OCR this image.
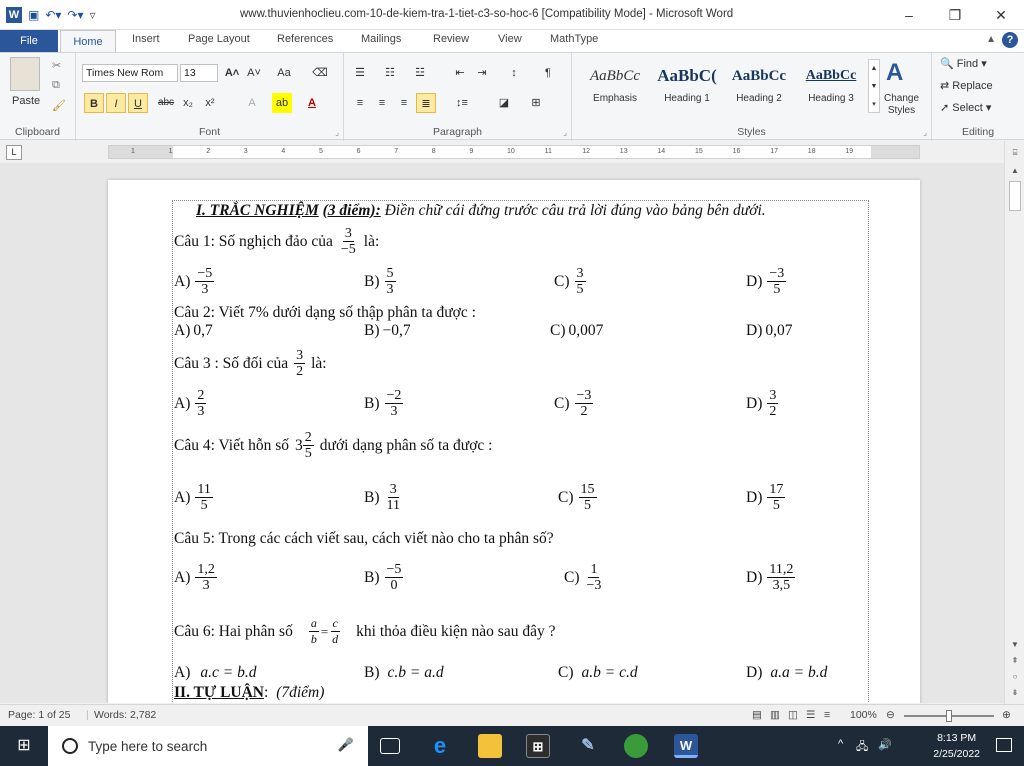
W ▣ ↶▾ ↷▾ ▿	www.thuvienhoclieu.com-10-de-kiem-tra-1-tiet-c3-so-hoc-6 [Compatibility Mode] - Microsoft Word	–	❐	✕
File	Home	Insert	Page Layout References	Mailings	Review	View	MathType	▲ ?
Paste
✂
⧉
🖌
Clipboard
Times New Rom	13	A˄ A˅ Aa ⌫
B	I	U	abc x₂	x²	A	ab	A
Font	⌟
☰	☷	☳	⇤	⇥	↕	¶
≡	≡	≡	≣	↕≡	◪	⊞
Paragraph	⌟
AaBbCc
Emphasis
AaBbC(
Heading 1
AaBbCc
Heading 2
AaBbCc
Heading 3
▲
▼
▾
A
Change
Styles
Styles	⌟
🔍 Find ▾
⇄ Replace
➚ Select ▾
Editing
L	1	1	2	3	4	5	6	7	8	9	10	11	12	13	14	15	16	17	18	19
I. TRẮC NGHIỆM (3 điểm): Điền chữ cái đứng trước câu trả lời đúng vào bảng bên dưới.
Câu 1: Số nghịch đảo của $\frac{3}{-5}$ là:
$A) \frac{-5}{3}$	$B) \frac{5}{3}$	$C) \frac{3}{5}$	$D) \frac{-3}{5}$
Câu 2: Viết 7% dưới dạng số thập phân ta được :
A) 0,7	B) −0,7	C) 0,007	D) 0,07
Câu 3 : Số đối của $\frac{3}{2}$ là:
$A) \frac{2}{3}$	$B) \frac{-2}{3}$	$C) \frac{-3}{2}$	$D) \frac{3}{2}$
Câu 4: Viết hỗn số $3 \frac{2}{5}$ dưới dạng phân số ta được :
$A) \frac{11}{5}$	$B) \frac{3}{11}$	$C) \frac{15}{5}$	$D) \frac{17}{5}$
Câu 5: Trong các cách viết sau, cách viết nào cho ta phân số?
$A) \frac{1,2}{3}$	$B) \frac{-5}{0}$	$C) \frac{1}{-3}$	$D) \frac{11,2}{3,5}$
Câu 6: Hai phân số $\frac{a}{b} = \frac{c}{d}$ khi thỏa điều kiện nào sau đây ?
A) a.c = b.d	B) c.b = a.d	C) a.b = c.d	D) a.a = b.d
II. TỰ LUẬN: (7điểm)
⌸
▲
▼
⇞
○
⇟
Page: 1 of 25 | Words: 2,782	▤ ▥ ◫ ☰ ≡ 100% ⊖	⊕
⊞	Type here to search	🎤	e	⊞	✎	W	^ 🖧 🔊
8:13 PM
2/25/2022
